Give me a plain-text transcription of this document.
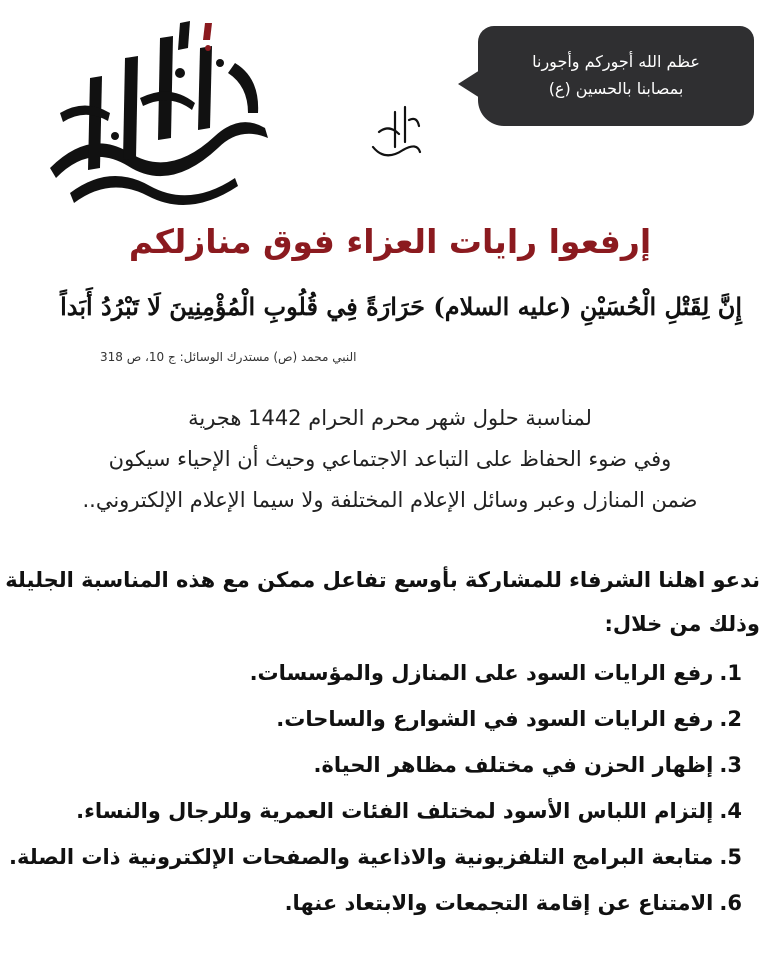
عظم الله أجوركم وأجورنا
بمصابنا بالحسين (ع)
إرفعوا رايات العزاء فوق منازلكم
إِنَّ لِقَتْلِ الْحُسَيْنِ (عليه السلام) حَرَارَةً فِي قُلُوبِ الْمُؤْمِنِينَ لَا تَبْرُدُ أَبَداً
النبي محمد (ص) مستدرك الوسائل: ج 10، ص 318
لمناسبة حلول شهر محرم الحرام 1442 هجرية
وفي ضوء الحفاظ على التباعد الاجتماعي وحيث أن الإحياء سيكون
ضمن المنازل وعبر وسائل الإعلام المختلفة ولا سيما الإعلام الإلكتروني..
ندعو اهلنا الشرفاء للمشاركة بأوسع تفاعل ممكن مع هذه المناسبة الجليلة
وذلك من خلال:
1.رفع الرايات السود على المنازل والمؤسسات.
2.رفع الرايات السود في الشوارع والساحات.
3.إظهار الحزن في مختلف مظاهر الحياة.
4.إلتزام اللباس الأسود لمختلف الفئات العمرية وللرجال والنساء.
5.متابعة البرامج التلفزيونية والاذاعية والصفحات الإلكترونية ذات الصلة.
6.الامتناع عن إقامة التجمعات والابتعاد عنها.
